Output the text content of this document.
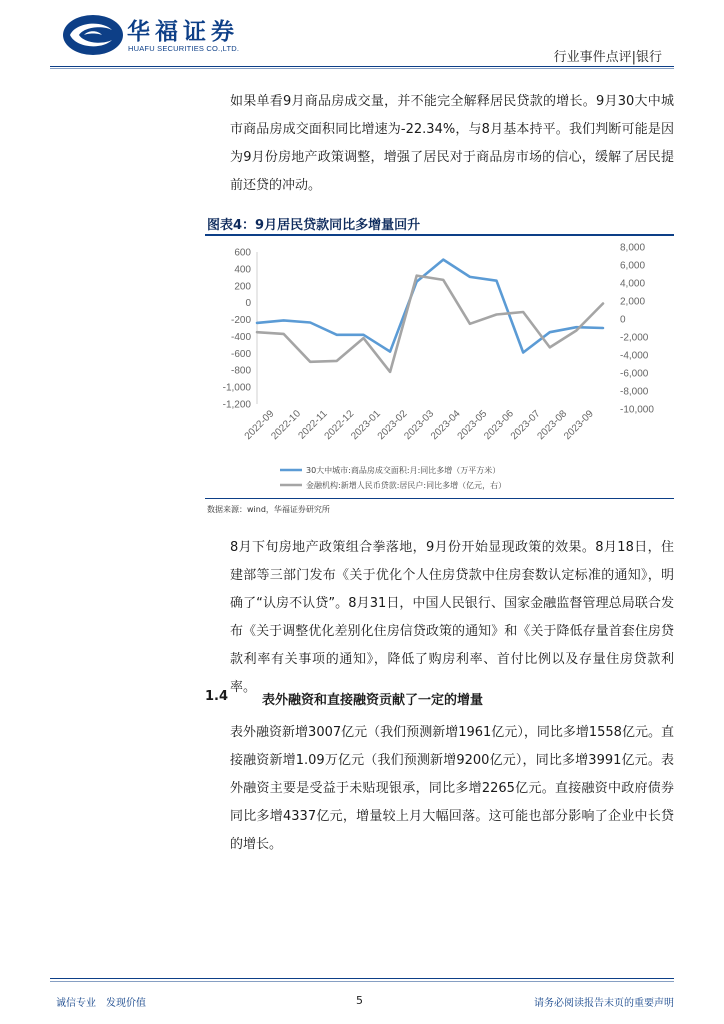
华福证券
HUAFU SECURITIES CO.,LTD.
行业事件点评|银行

如果单看9月商品房成交量，并不能完全解释居民贷款的增长。9月30大中城市商品房成交面积同比增速为-22.34%，与8月基本持平。我们判断可能是因为9月份房地产政策调整，增强了居民对于商品房市场的信心，缓解了居民提前还贷的冲动。

图表4：9月居民贷款同比多增量回升
600
400
200
0
-200
-400
-600
-800
-1,000
-1,200
8,000
6,000
4,000
2,000
0
-2,000
-4,000
-6,000
-8,000
-10,000
2022-09
2022-10
2022-11
2022-12
2023-01
2023-02
2023-03
2023-04
2023-05
2023-06
2023-07
2023-08
2023-09
30大中城市:商品房成交面积:月:同比多增（万平方米）
金融机构:新增人民币贷款:居民户:同比多增（亿元，右）
数据来源：wind，华福证券研究所

8月下旬房地产政策组合拳落地，9月份开始显现政策的效果。8月18日，住建部等三部门发布《关于优化个人住房贷款中住房套数认定标准的通知》，明确了“认房不认贷”。8月31日，中国人民银行、国家金融监督管理总局联合发布《关于调整优化差别化住房信贷政策的通知》和《关于降低存量首套住房贷款利率有关事项的通知》，降低了购房利率、首付比例以及存量住房贷款利率。

1.4	表外融资和直接融资贡献了一定的增量

表外融资新增3007亿元（我们预测新增1961亿元），同比多增1558亿元。直接融资新增1.09万亿元（我们预测新增9200亿元），同比多增3991亿元。表外融资主要是受益于未贴现银承，同比多增2265亿元。直接融资中政府债券同比多增4337亿元，增量较上月大幅回落。这可能也部分影响了企业中长贷的增长。

诚信专业　发现价值	5	请务必阅读报告末页的重要声明
